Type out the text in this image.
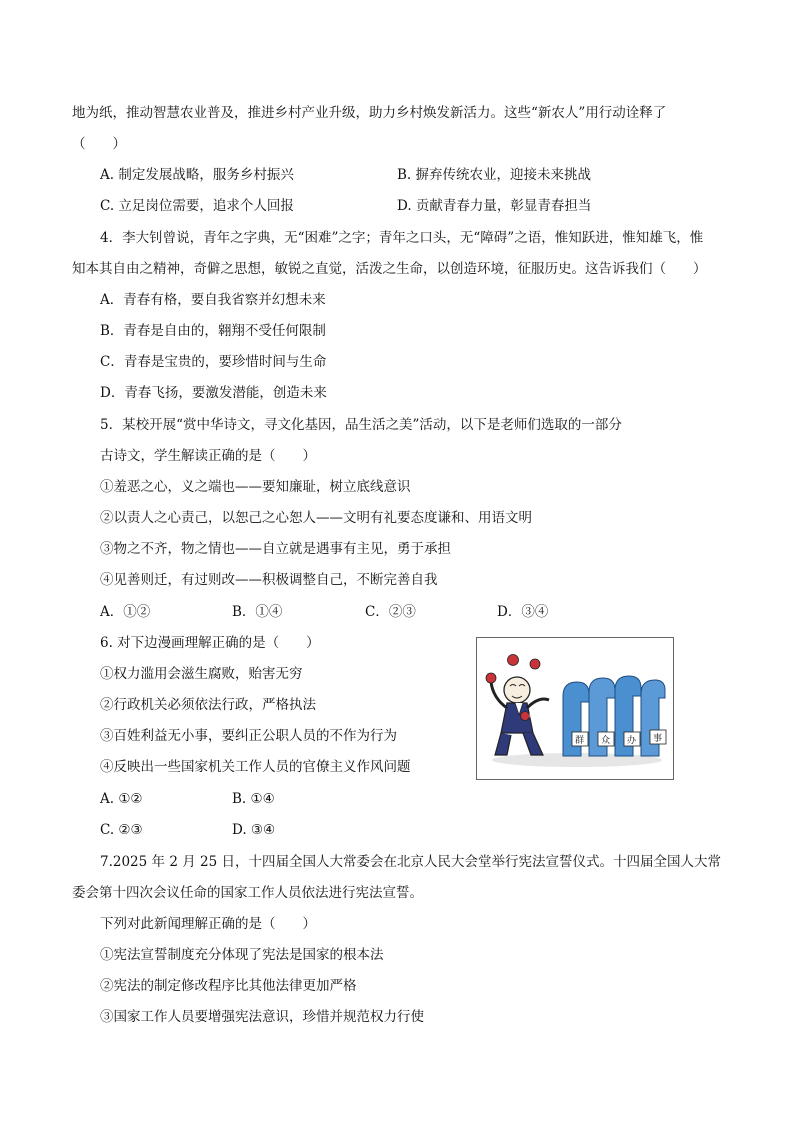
地为纸，推动智慧农业普及，推进乡村产业升级，助力乡村焕发新活力。这些“新农人”用行动诠释了
（　　）
A. 制定发展战略，服务乡村振兴	B. 摒弃传统农业，迎接未来挑战
C. 立足岗位需要，追求个人回报	D. 贡献青春力量，彰显青春担当
4．李大钊曾说，青年之字典，无“困难”之字；青年之口头，无“障碍”之语，惟知跃进，惟知雄飞，惟
知本其自由之精神，奇僻之思想，敏锐之直觉，活泼之生命，以创造环境，征服历史。这告诉我们（　　）
A．青春有格，要自我省察并幻想未来
B．青春是自由的，翱翔不受任何限制
C．青春是宝贵的，要珍惜时间与生命
D．青春飞扬，要激发潜能，创造未来
5．某校开展“赏中华诗文，寻文化基因，品生活之美”活动，以下是老师们选取的一部分
古诗文，学生解读正确的是（　　）
①羞恶之心，义之端也——要知廉耻，树立底线意识
②以责人之心责己，以恕己之心恕人——文明有礼要态度谦和、用语文明
③物之不齐，物之情也——自立就是遇事有主见，勇于承担
④见善则迁，有过则改——积极调整自己，不断完善自我
A．①②	B．①④	C．②③	D．③④
6. 对下边漫画理解正确的是（　　）
①权力滥用会滋生腐败，贻害无穷
②行政机关必须依法行政，严格执法
③百姓利益无小事，要纠正公职人员的不作为行为
④反映出一些国家机关工作人员的官僚主义作风问题
A. ①②	B. ①④
C. ②③	D. ③④
印
群 众 办 事
7.2025 年 2 月 25 日，十四届全国人大常委会在北京人民大会堂举行宪法宣誓仪式。十四届全国人大常
委会第十四次会议任命的国家工作人员依法进行宪法宣誓。
下列对此新闻理解正确的是（　　）
①宪法宣誓制度充分体现了宪法是国家的根本法
②宪法的制定修改程序比其他法律更加严格
③国家工作人员要增强宪法意识，珍惜并规范权力行使
